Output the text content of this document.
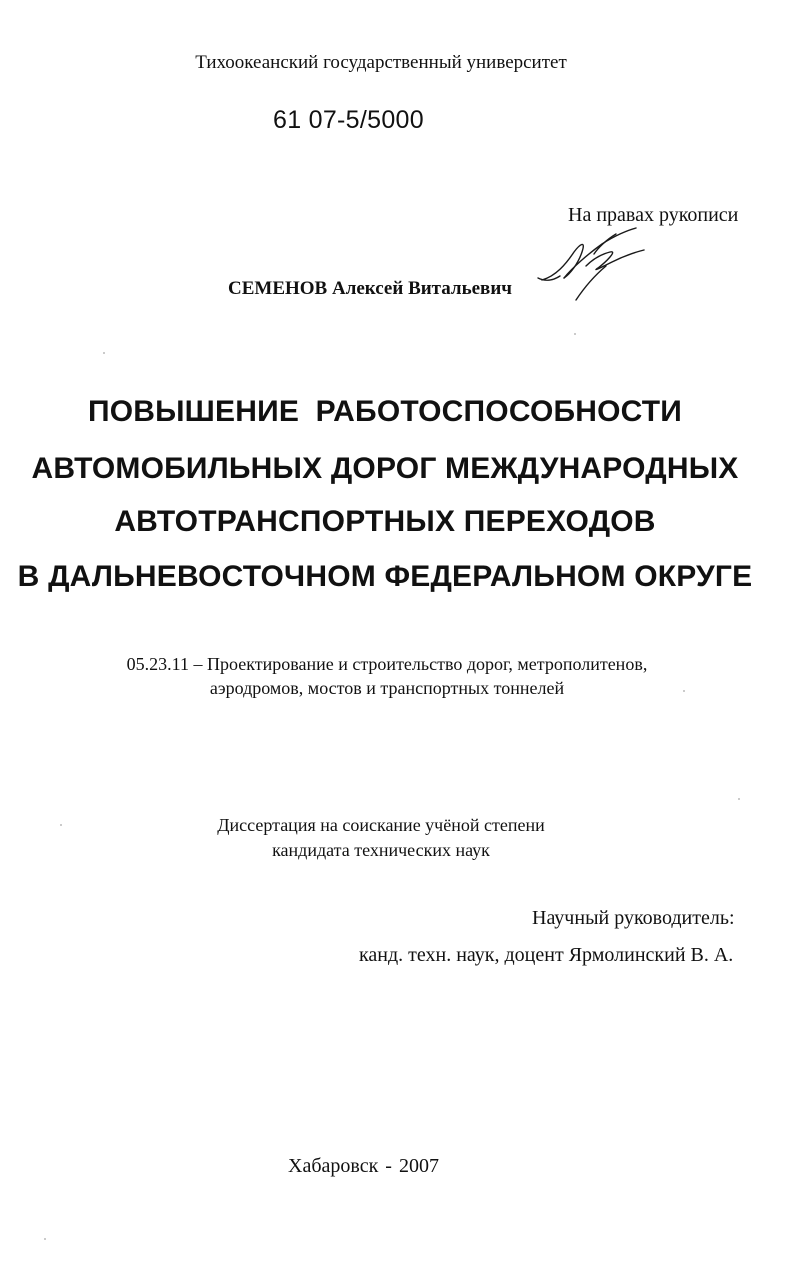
Тихоокеанский государственный университет
61 07-5/5000
На правах рукописи
СЕМЕНОВ Алексей Витальевич
ПОВЫШЕНИЕ РАБОТОСПОСОБНОСТИ
АВТОМОБИЛЬНЫХ ДОРОГ МЕЖДУНАРОДНЫХ
АВТОТРАНСПОРТНЫХ ПЕРЕХОДОВ
В ДАЛЬНЕВОСТОЧНОМ ФЕДЕРАЛЬНОМ ОКРУГЕ
05.23.11 – Проектирование и строительство дорог, метрополитенов,
аэродромов, мостов и транспортных тоннелей
Диссертация на соискание учёной степени
кандидата технических наук
Научный руководитель:
канд. техн. наук, доцент Ярмолинский В. А.
Хабаровск - 2007
